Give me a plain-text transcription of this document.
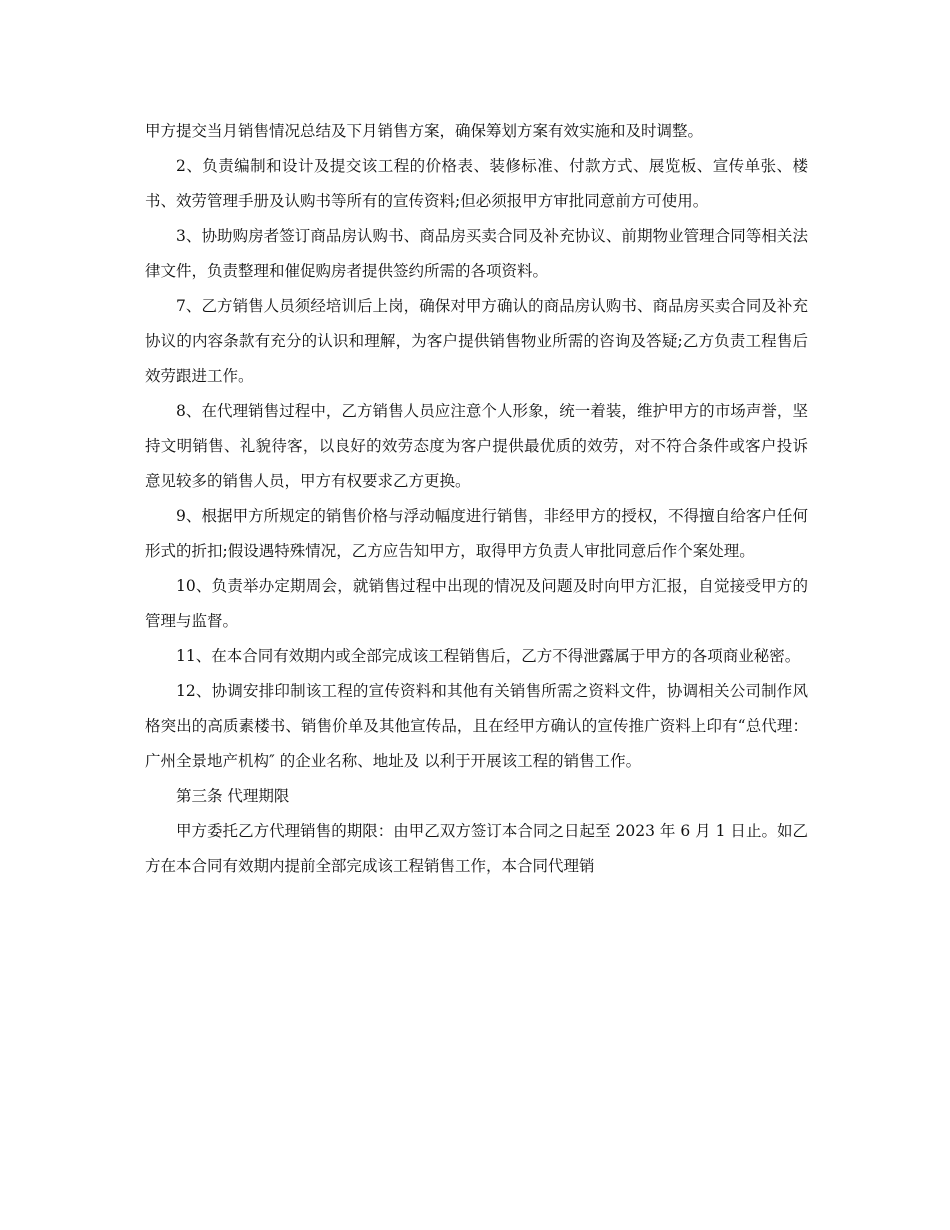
甲方提交当月销售情况总结及下月销售方案，确保筹划方案有效实施和及时调整。

2、负责编制和设计及提交该工程的价格表、装修标准、付款方式、展览板、宣传单张、楼书、效劳管理手册及认购书等所有的宣传资料;但必须报甲方审批同意前方可使用。

3、协助购房者签订商品房认购书、商品房买卖合同及补充协议、前期物业管理合同等相关法律文件，负责整理和催促购房者提供签约所需的各项资料。

7、乙方销售人员须经培训后上岗，确保对甲方确认的商品房认购书、商品房买卖合同及补充协议的内容条款有充分的认识和理解，为客户提供销售物业所需的咨询及答疑;乙方负责工程售后效劳跟进工作。

8、在代理销售过程中，乙方销售人员应注意个人形象，统一着装，维护甲方的市场声誉，坚持文明销售、礼貌待客，以良好的效劳态度为客户提供最优质的效劳，对不符合条件或客户投诉意见较多的销售人员，甲方有权要求乙方更换。

9、根据甲方所规定的销售价格与浮动幅度进行销售，非经甲方的授权，不得擅自给客户任何形式的折扣;假设遇特殊情况，乙方应告知甲方，取得甲方负责人审批同意后作个案处理。

10、负责举办定期周会，就销售过程中出现的情况及问题及时向甲方汇报，自觉接受甲方的管理与监督。

11、在本合同有效期内或全部完成该工程销售后，乙方不得泄露属于甲方的各项商业秘密。

12、协调安排印制该工程的宣传资料和其他有关销售所需之资料文件，协调相关公司制作风格突出的高质素楼书、销售价单及其他宣传品，且在经甲方确认的宣传推广资料上印有“总代理：广州全景地产机构″ 的企业名称、地址及 以利于开展该工程的销售工作。

第三条 代理期限

甲方委托乙方代理销售的期限：由甲乙双方签订本合同之日起至 2023 年 6 月 1 日止。如乙方在本合同有效期内提前全部完成该工程销售工作，本合同代理销
